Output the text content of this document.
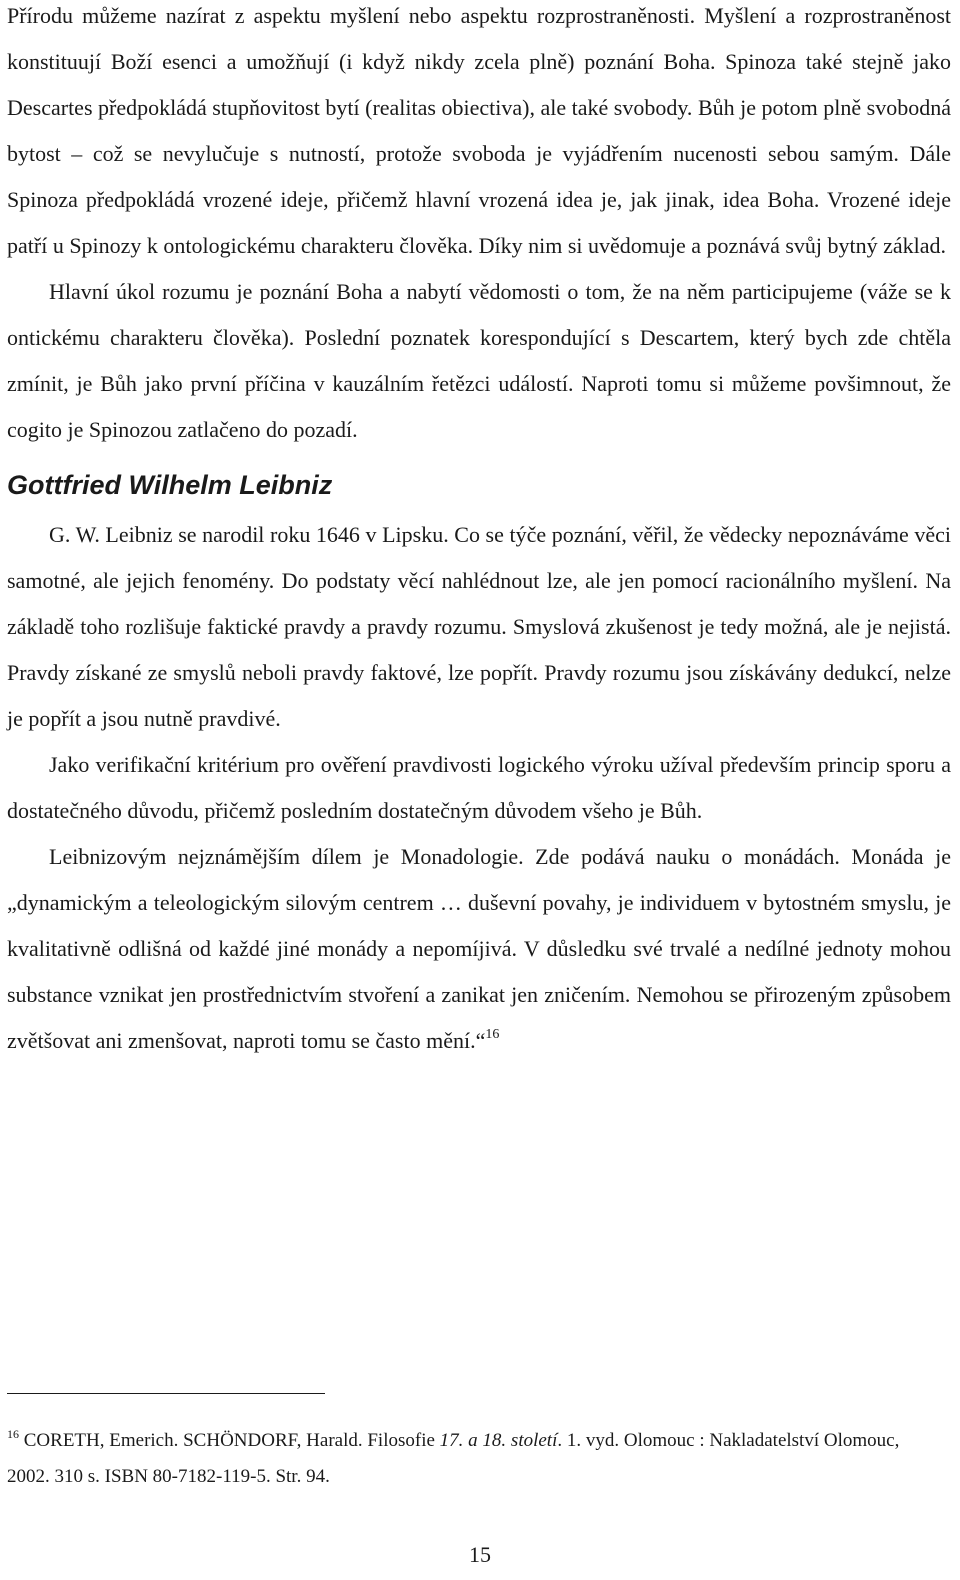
Přírodu můžeme nazírat z aspektu myšlení nebo aspektu rozprostraněnosti. Myšlení a rozprostraněnost konstituují Boží esenci a umožňují (i když nikdy zcela plně) poznání Boha. Spinoza také stejně jako Descartes předpokládá stupňovitost bytí (realitas obiectiva), ale také svobody. Bůh je potom plně svobodná bytost – což se nevylučuje s nutností, protože svoboda je vyjádřením nucenosti sebou samým. Dále Spinoza předpokládá vrozené ideje, přičemž hlavní vrozená idea je, jak jinak, idea Boha. Vrozené ideje patří u Spinozy k ontologickému charakteru člověka. Díky nim si uvědomuje a poznává svůj bytný základ.

Hlavní úkol rozumu je poznání Boha a nabytí vědomosti o tom, že na něm participujeme (váže se k ontickému charakteru člověka). Poslední poznatek korespondující s Descartem, který bych zde chtěla zmínit, je Bůh jako první příčina v kauzálním řetězci událostí. Naproti tomu si můžeme povšimnout, že cogito je Spinozou zatlačeno do pozadí.

Gottfried Wilhelm Leibniz

G. W. Leibniz se narodil roku 1646 v Lipsku. Co se týče poznání, věřil, že vědecky nepoznáváme věci samotné, ale jejich fenomény. Do podstaty věcí nahlédnout lze, ale jen pomocí racionálního myšlení. Na základě toho rozlišuje faktické pravdy a pravdy rozumu. Smyslová zkušenost je tedy možná, ale je nejistá. Pravdy získané ze smyslů neboli pravdy faktové, lze popřít. Pravdy rozumu jsou získávány dedukcí, nelze je popřít a jsou nutně pravdivé.

Jako verifikační kritérium pro ověření pravdivosti logického výroku užíval především princip sporu a dostatečného důvodu, přičemž posledním dostatečným důvodem všeho je Bůh.

Leibnizovým nejznámějším dílem je Monadologie. Zde podává nauku o monádách. Monáda je „dynamickým a teleologickým silovým centrem … duševní povahy, je individuem v bytostném smyslu, je kvalitativně odlišná od každé jiné monády a nepomíjivá. V důsledku své trvalé a nedílné jednoty mohou substance vznikat jen prostřednictvím stvoření a zanikat jen zničením. Nemohou se přirozeným způsobem zvětšovat ani zmenšovat, naproti tomu se často mění.“$^{16}$

$^{16}$ CORETH, Emerich. SCHÖNDORF, Harald. Filosofie 17. a 18. století. 1. vyd. Olomouc : Nakladatelství Olomouc, 2002. 310 s. ISBN 80-7182-119-5. Str. 94.

15
